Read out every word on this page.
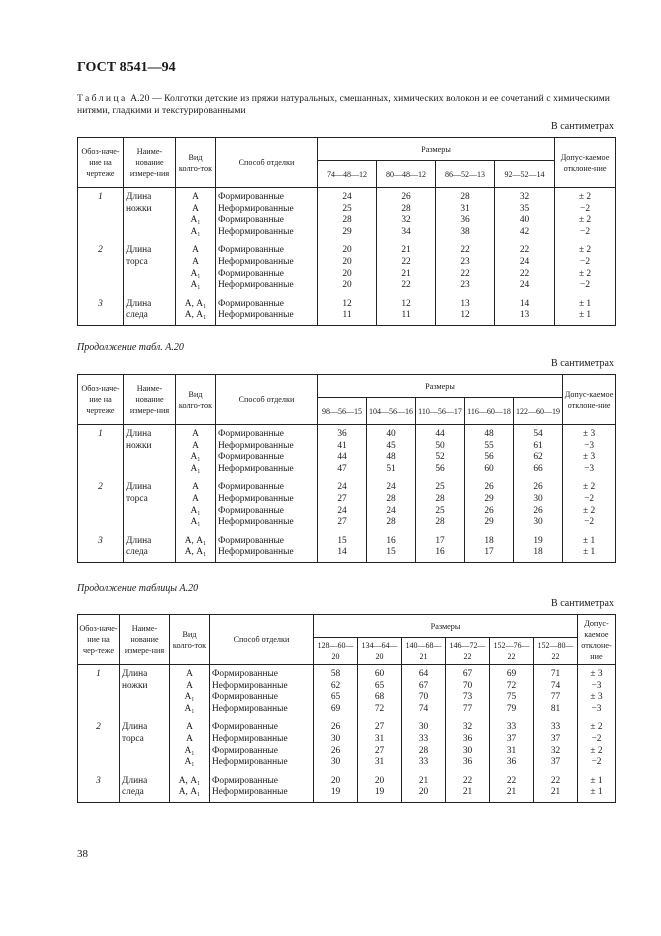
ГОСТ 8541—94
Таблица А.20 — Колготки детские из пряжи натуральных, смешанных, химических волокон и ее сочетаний с химическими нитями, гладкими и текстурированными
В сантиметрах
Обоз-наче-ние на чертеже	Наиме-нование измере-ния	Вид колго-ток	Способ отделки	Размеры				Допус-каемое отклоне-ние
				74—48—12	80—48—12	86—52—13	92—52—14	
1	Длина	А	Формированные	24	26	28	32	± 2
	ножки	А	Неформированные	25	28	31	35	−2
		А₁	Формированные	28	32	36	40	± 2
		А₁	Неформированные	29	34	38	42	−2
2	Длина	А	Формированные	20	21	22	22	± 2
	торса	А	Неформированные	20	22	23	24	−2
		А₁	Формированные	20	21	22	22	± 2
		А₁	Неформированные	20	22	23	24	−2
3	Длина	А, А₁	Формированные	12	12	13	14	± 1
	следа	А, А₁	Неформированные	11	11	12	13	± 1
Продолжение табл. А.20
В сантиметрах
Обоз-наче-ние на чертеже	Наиме-нование измере-ния	Вид колго-ток	Способ отделки	Размеры					Допус-каемое отклоне-ние
				98—56—15	104—56—16	110—56—17	116—60—18	122—60—19	
1	Длина	А	Формированные	36	40	44	48	54	± 3
	ножки	А	Неформированные	41	45	50	55	61	−3
		А₁	Формированные	44	48	52	56	62	± 3
		А₁	Неформированные	47	51	56	60	66	−3
2	Длина	А	Формированные	24	24	25	26	26	± 2
	торса	А	Неформированные	27	28	28	29	30	−2
		А₁	Формированные	24	24	25	26	26	± 2
		А₁	Неформированные	27	28	28	29	30	−2
3	Длина	А, А₁	Формированные	15	16	17	18	19	± 1
	следа	А, А₁	Неформированные	14	15	16	17	18	± 1
Продолжение таблицы А.20
В сантиметрах
Обоз-наче-ние на чер-теже	Наиме-нование измере-ния	Вид колго-ток	Способ отделки	Размеры						Допус-каемое отклоне-ние
				128—60—20	134—64—20	140—68—21	146—72—22	152—76—22	152—80—22	
1	Длина	А	Формированные	58	60	64	67	69	71	± 3
	ножки	А	Неформированные	62	65	67	70	72	74	−3
		А₁	Формированные	65	68	70	73	75	77	± 3
		А₁	Неформированные	69	72	74	77	79	81	−3
2	Длина	А	Формированные	26	27	30	32	33	33	± 2
	торса	А	Неформированные	30	31	33	36	37	37	−2
		А₁	Формированные	26	27	28	30	31	32	± 2
		А₁	Неформированные	30	31	33	36	36	37	−2
3	Длина	А, А₁	Формированные	20	20	21	22	22	22	± 1
	следа	А, А₁	Неформированные	19	19	20	21	21	21	± 1
38
